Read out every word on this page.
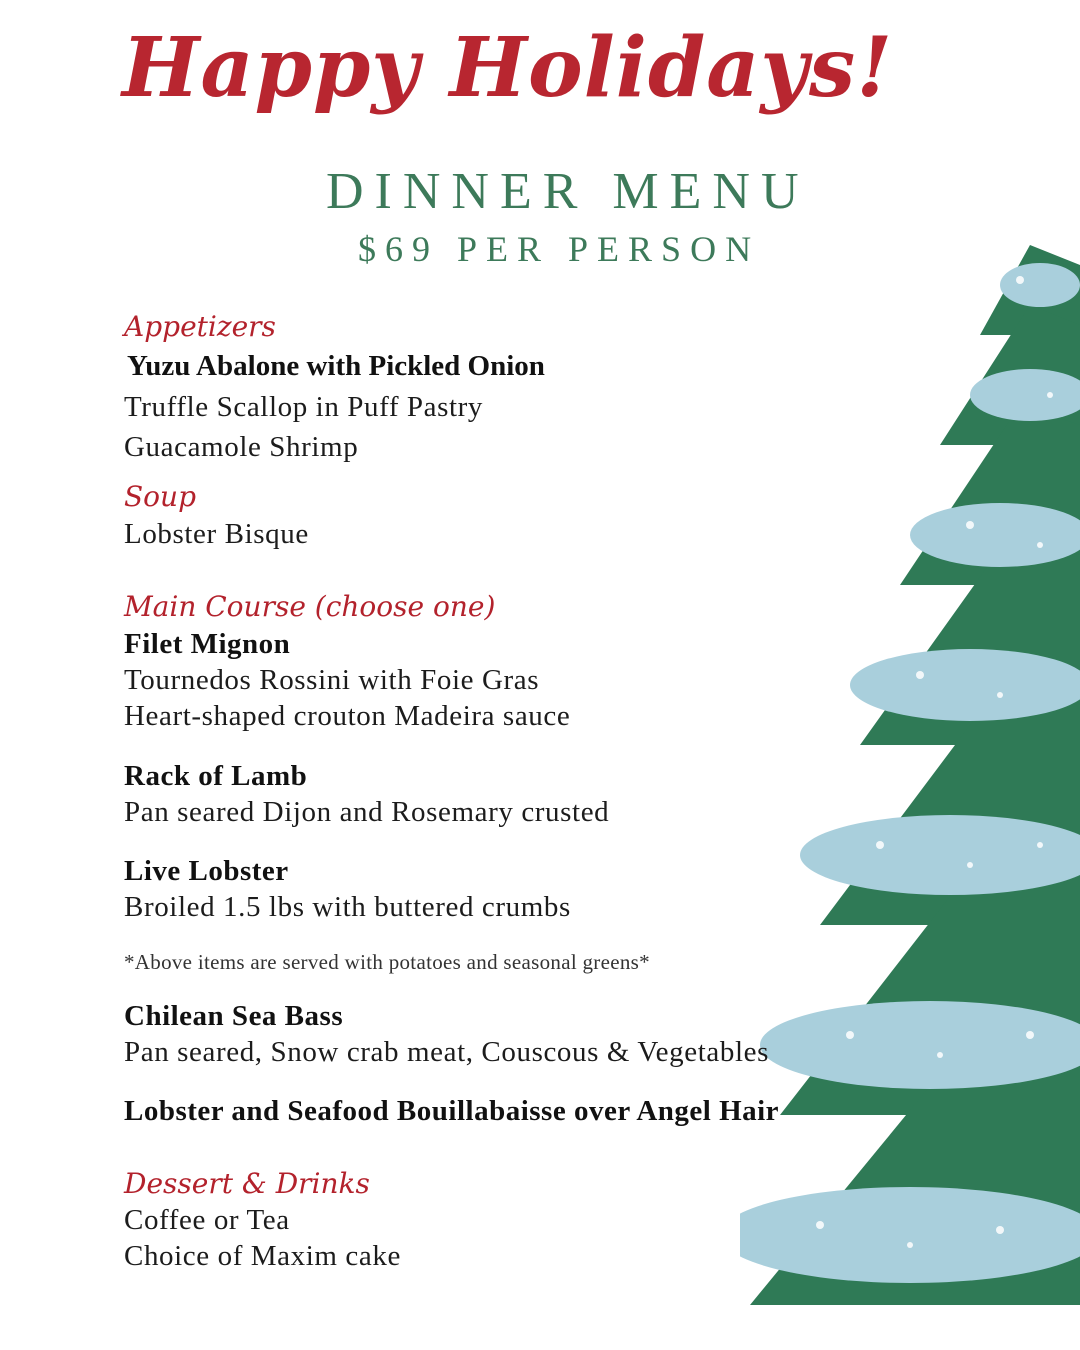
Happy Holidays!
DINNER MENU
$69 PER PERSON
Appetizers
Yuzu Abalone with Pickled Onion
Truffle Scallop in Puff Pastry
Guacamole Shrimp
Soup
Lobster Bisque
Main Course (choose one)
Filet Mignon
Tournedos Rossini with Foie Gras
Heart-shaped crouton Madeira sauce
Rack of Lamb
Pan seared Dijon and Rosemary crusted
Live Lobster
Broiled 1.5 lbs with buttered crumbs
*Above items are served with potatoes and seasonal greens*
Chilean Sea Bass
Pan seared, Snow crab meat, Couscous & Vegetables
Lobster and Seafood Bouillabaisse over Angel Hair
Dessert & Drinks
Coffee or Tea
Choice of Maxim cake
